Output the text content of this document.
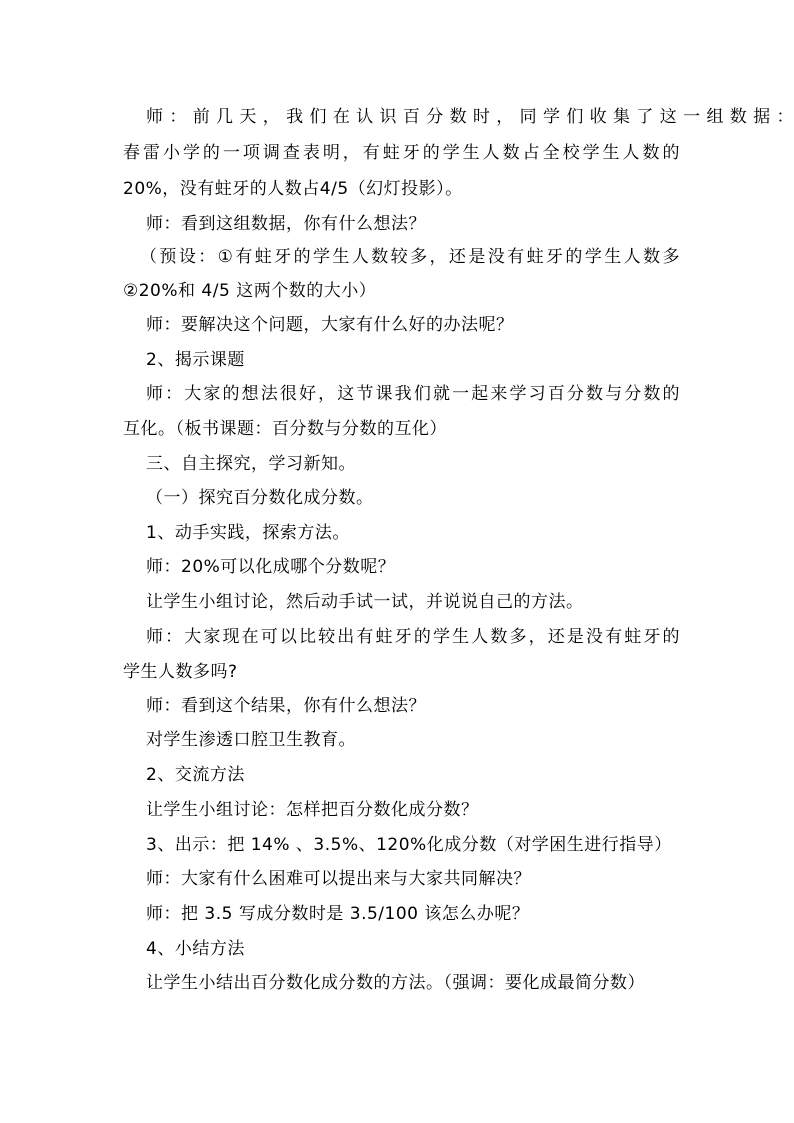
师：前几天，我们在认识百分数时，同学们收集了这一组数据：
春雷小学的一项调查表明，有蛀牙的学生人数占全校学生人数的
20%，没有蛀牙的人数占4/5（幻灯投影）。
师：看到这组数据，你有什么想法？
（预设：①有蛀牙的学生人数较多，还是没有蛀牙的学生人数多
②20%和 4/5 这两个数的大小）
师：要解决这个问题，大家有什么好的办法呢？
2、揭示课题
师：大家的想法很好，这节课我们就一起来学习百分数与分数的
互化。（板书课题：百分数与分数的互化）
三、自主探究，学习新知。
（一）探究百分数化成分数。
1、动手实践，探索方法。
师：20%可以化成哪个分数呢？
让学生小组讨论，然后动手试一试，并说说自己的方法。
师：大家现在可以比较出有蛀牙的学生人数多，还是没有蛀牙的
学生人数多吗?
师：看到这个结果，你有什么想法？
对学生渗透口腔卫生教育。
2、交流方法
让学生小组讨论：怎样把百分数化成分数？
3、出示：把 14% 、3.5%、120%化成分数（对学困生进行指导）
师：大家有什么困难可以提出来与大家共同解决？
师：把 3.5 写成分数时是 3.5/100 该怎么办呢？
4、小结方法
让学生小结出百分数化成分数的方法。（强调：要化成最简分数）
